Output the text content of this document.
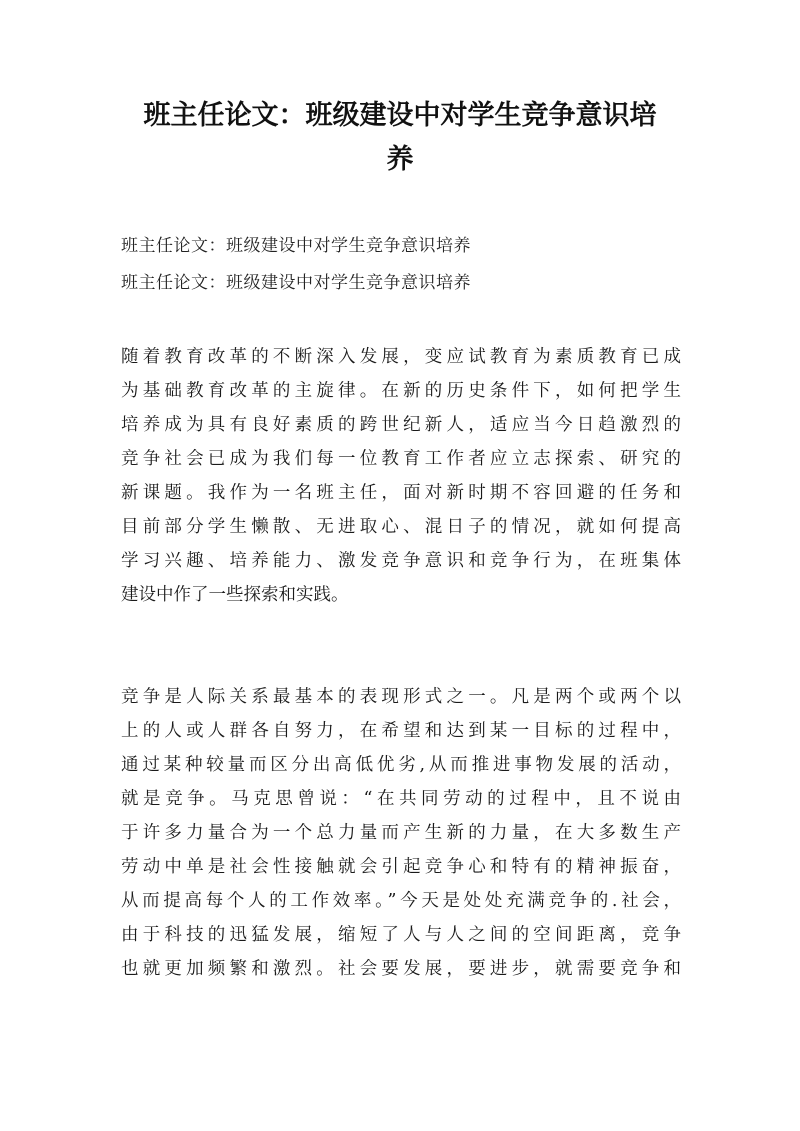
班主任论文：班级建设中对学生竞争意识培
养
班主任论文：班级建设中对学生竞争意识培养
班主任论文：班级建设中对学生竞争意识培养
随着教育改革的不断深入发展，变应试教育为素质教育已成
为基础教育改革的主旋律。在新的历史条件下，如何把学生
培养成为具有良好素质的跨世纪新人，适应当今日趋激烈的
竞争社会已成为我们每一位教育工作者应立志探索、研究的
新课题。我作为一名班主任，面对新时期不容回避的任务和
目前部分学生懒散、无进取心、混日子的情况，就如何提高
学习兴趣、培养能力、激发竞争意识和竞争行为，在班集体
建设中作了一些探索和实践。
竞争是人际关系最基本的表现形式之一。凡是两个或两个以
上的人或人群各自努力，在希望和达到某一目标的过程中，
通过某种较量而区分出高低优劣,从而推进事物发展的活动，
就是竞争。马克思曾说：“在共同劳动的过程中，且不说由
于许多力量合为一个总力量而产生新的力量，在大多数生产
劳动中单是社会性接触就会引起竞争心和特有的精神振奋，
从而提高每个人的工作效率。”今天是处处充满竞争的.社会，
由于科技的迅猛发展，缩短了人与人之间的空间距离，竞争
也就更加频繁和激烈。社会要发展，要进步，就需要竞争和
